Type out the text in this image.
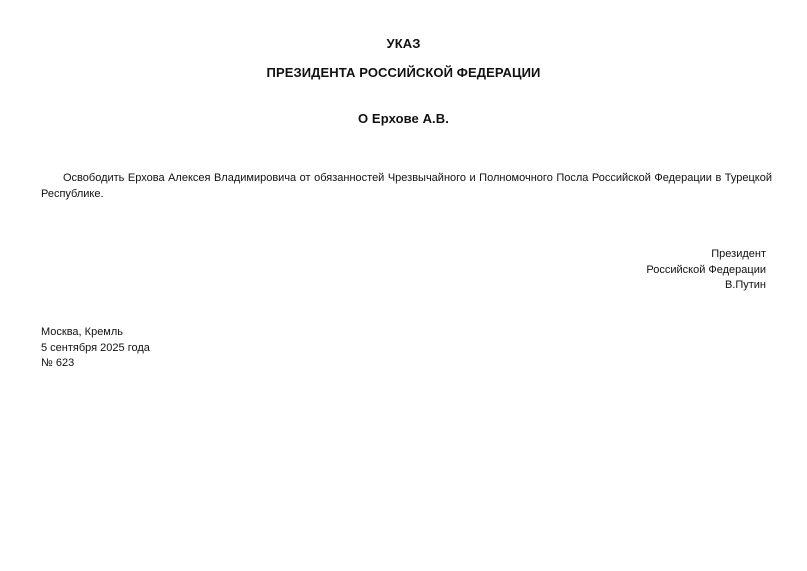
УКАЗ
ПРЕЗИДЕНТА РОССИЙСКОЙ ФЕДЕРАЦИИ
О Ерхове А.В.
Освободить Ерхова Алексея Владимировича от обязанностей Чрезвычайного и Полномочного Посла Российской Федерации в Турецкой Республике.
Президент
Российской Федерации
В.Путин
Москва, Кремль
5 сентября 2025 года
№ 623
